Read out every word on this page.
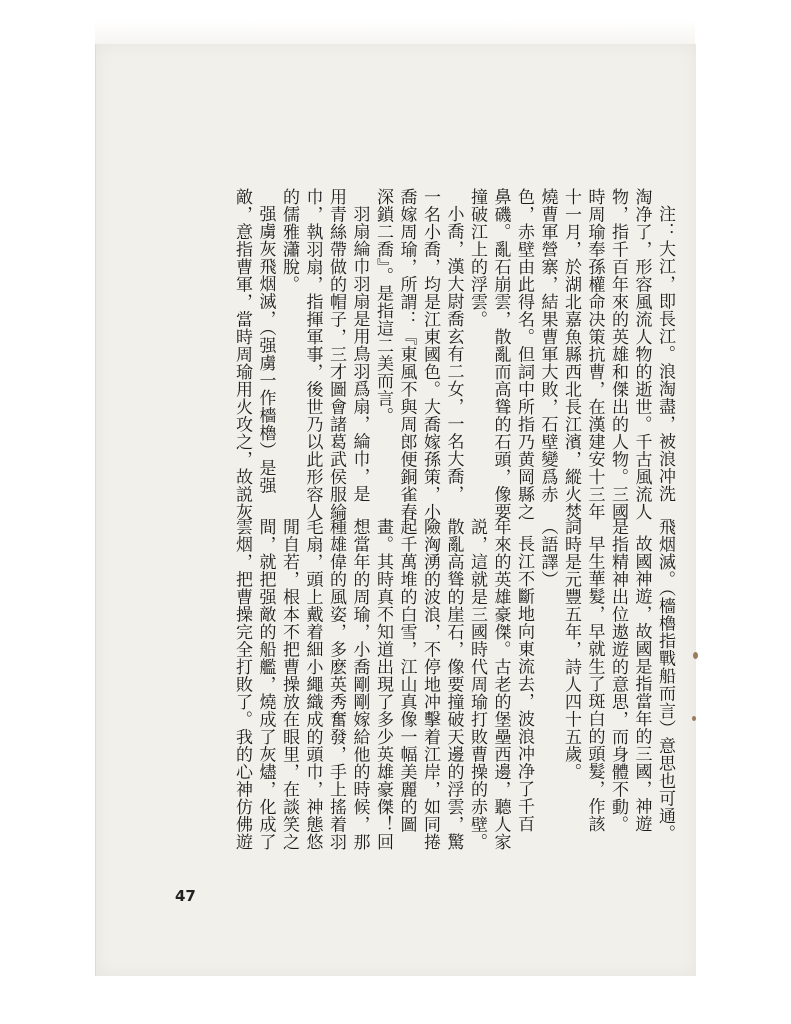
注：大江，即長江。浪淘盡，被浪冲洗
淘净了，形容風流人物的逝世。千古風流人
物，指千百年來的英雄和傑出的人物。三國
時周瑜奉孫權命决策抗曹，在漢建安十三年
十一月，於湖北嘉魚縣西北長江濱，縱火焚
燒曹軍營寨，結果曹軍大敗，石壁變爲赤
色，赤壁由此得名。但詞中所指乃黄岡縣之
鼻磯。亂石崩雲，散亂而高聳的石頭，像要
撞破江上的浮雲。
小喬，漢大尉喬玄有二女，一名大喬，
一名小喬，均是江東國色。大喬嫁孫策，小
喬嫁周瑜，所謂：『東風不與周郎便銅雀春
深鎖二喬』。是指這二美而言。
羽扇綸巾羽扇是用鳥羽爲扇，綸巾，是
用青絲帶做的帽子，三才圖會諸葛武侯服綸
巾，執羽扇，指揮軍事，後世乃以此形容人
的儒雅瀟脫。
强虜灰飛烟滅，（强虜一作檣櫓）是强
敵，意指曹軍，當時周瑜用火攻之，故説灰
飛烟滅。（檣櫓指戰船而言）意思也可通。
故國神遊，故國是指當年的三國，神遊
是指精神出位遨遊的意思，而身體不動。
早生華髮，早就生了斑白的頭髮，作該
詞時是元豐五年，詩人四十五歲。
（語譯）
長江不斷地向東流去，波浪冲净了千百
年來的英雄豪傑。古老的堡壘西邊，聽人家
説，這就是三國時代周瑜打敗曹操的赤壁。
散亂高聳的崖石，像要撞破天邊的浮雲，驚
險洶湧的波浪，不停地冲擊着江岸，如同捲
起千萬堆的白雪，江山真像一幅美麗的圖
畫。其時真不知道出現了多少英雄豪傑！回
想當年的周瑜，小喬剛剛嫁給他的時候，那
種雄偉的風姿，多麽英秀奮發，手上搖着羽
毛扇，頭上戴着細小繩織成的頭巾，神態悠
閒自若，根本不把曹操放在眼里，在談笑之
間，就把强敵的船艦，燒成了灰燼，化成了
雲烟，把曹操完全打敗了。我的心神仿佛遊
47
